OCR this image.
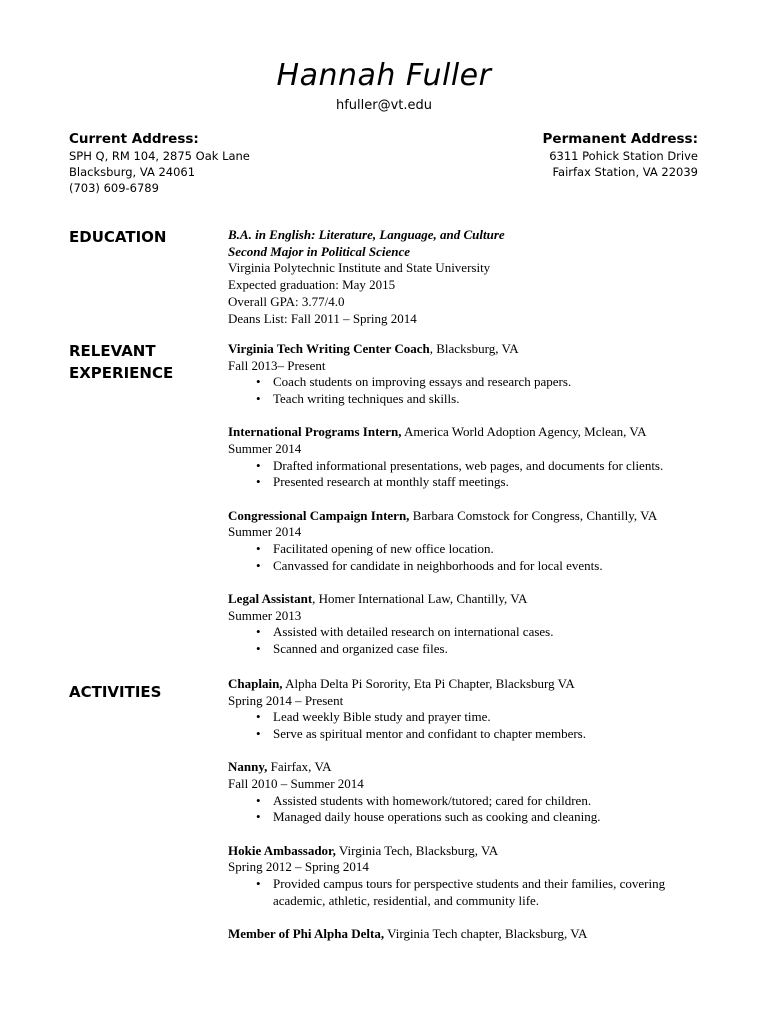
Hannah Fuller
hfuller@vt.edu
Current Address:
SPH Q, RM 104, 2875 Oak Lane
Blacksburg, VA 24061
(703) 609-6789
Permanent Address:
6311 Pohick Station Drive
Fairfax Station, VA 22039
EDUCATION	B.A. in English: Literature, Language, and Culture

Second Major in Political Science

Virginia Polytechnic Institute and State University

Expected graduation: May 2015

Overall GPA: 3.77/4.0

Deans List: Fall 2011 – Spring 2014

RELEVANT
EXPERIENCE

Virginia Tech Writing Center Coach, Blacksburg, VA

Fall 2013– Present

• Coach students on improving essays and research papers.
• Teach writing techniques and skills.

International Programs Intern, America World Adoption Agency, Mclean, VA

Summer 2014

• Drafted informational presentations, web pages, and documents for clients.
• Presented research at monthly staff meetings.

Congressional Campaign Intern, Barbara Comstock for Congress, Chantilly, VA

Summer 2014

• Facilitated opening of new office location.
• Canvassed for candidate in neighborhoods and for local events.

Legal Assistant, Homer International Law, Chantilly, VA

Summer 2013

• Assisted with detailed research on international cases.
• Scanned and organized case files.
ACTIVITIES	Chaplain, Alpha Delta Pi Sorority, Eta Pi Chapter, Blacksburg VA

Spring 2014 – Present

• Lead weekly Bible study and prayer time.
• Serve as spiritual mentor and confidant to chapter members.

Nanny, Fairfax, VA

Fall 2010 – Summer 2014

• Assisted students with homework/tutored; cared for children.
• Managed daily house operations such as cooking and cleaning.

Hokie Ambassador, Virginia Tech, Blacksburg, VA

Spring 2012 – Spring 2014

• Provided campus tours for perspective students and their families, covering academic, athletic, residential, and community life.

Member of Phi Alpha Delta, Virginia Tech chapter, Blacksburg, VA
